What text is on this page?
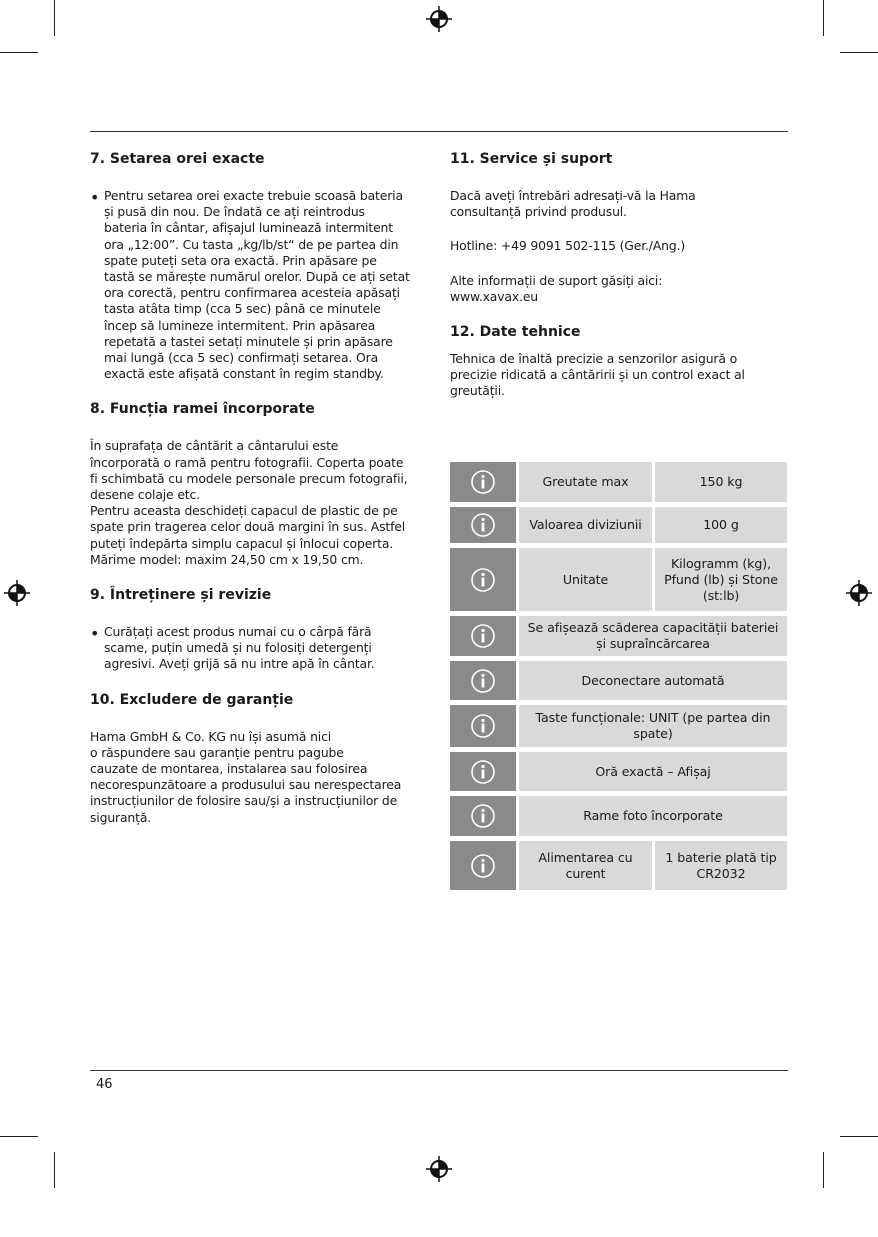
7. Setarea orei exacte
• Pentru setarea orei exacte trebuie scoasă bateria

și pusă din nou. De îndată ce ați reintrodus

bateria în cântar, afișajul luminează intermitent

ora „12:00”. Cu tasta „kg/lb/st“ de pe partea din

spate puteți seta ora exactă. Prin apăsare pe

tastă se mărește numărul orelor. După ce ați setat

ora corectă, pentru confirmarea acesteia apăsați

tasta atâta timp (cca 5 sec) până ce minutele

încep să lumineze intermitent. Prin apăsarea

repetată a tastei setați minutele și prin apăsare

mai lungă (cca 5 sec) confirmați setarea. Ora

exactă este afișată constant în regim standby.

8. Funcția ramei încorporate

În suprafața de cântărit a cântarului este

încorporată o ramă pentru fotografii. Coperta poate

fi schimbată cu modele personale precum fotografii,

desene colaje etc.

Pentru aceasta deschideți capacul de plastic de pe

spate prin tragerea celor două margini în sus. Astfel

puteți îndepărta simplu capacul și înlocui coperta.

Mărime model: maxim 24,50 cm x 19,50 cm.

9. Întreținere și revizie
• Curățați acest produs numai cu o cârpă fără

scame, puțin umedă și nu folosiți detergenți

agresivi. Aveți grijă să nu intre apă în cântar.

10. Excludere de garanție

Hama GmbH & Co. KG nu își asumă nici

o răspundere sau garanție pentru pagube

cauzate de montarea, instalarea sau folosirea

necorespunzătoare a produsului sau nerespectarea

instrucțiunilor de folosire sau/și a instrucțiunilor de

siguranță.

11. Service și suport

Dacă aveți întrebări adresați-vă la Hama

consultanță privind produsul.

Hotline: +49 9091 502-115 (Ger./Ang.)

Alte informații de suport găsiți aici:

www.xavax.eu

12. Date tehnice

Tehnica de înaltă precizie a senzorilor asigură o

precizie ridicată a cântăririi și un control exact al

greutății.

Greutate max	150 kg
Valoarea diviziunii	100 g
Unitate
Kilogramm (kg), Pfund (lb) și Stone (st:lb)
Se afișează scăderea capacității bateriei și supraîncărcarea
Deconectare automată
Taste funcționale: UNIT (pe partea din spate)
Oră exactă – Afișaj
Rame foto încorporate
Alimentarea cu curent
1 baterie plată tip CR2032
46
